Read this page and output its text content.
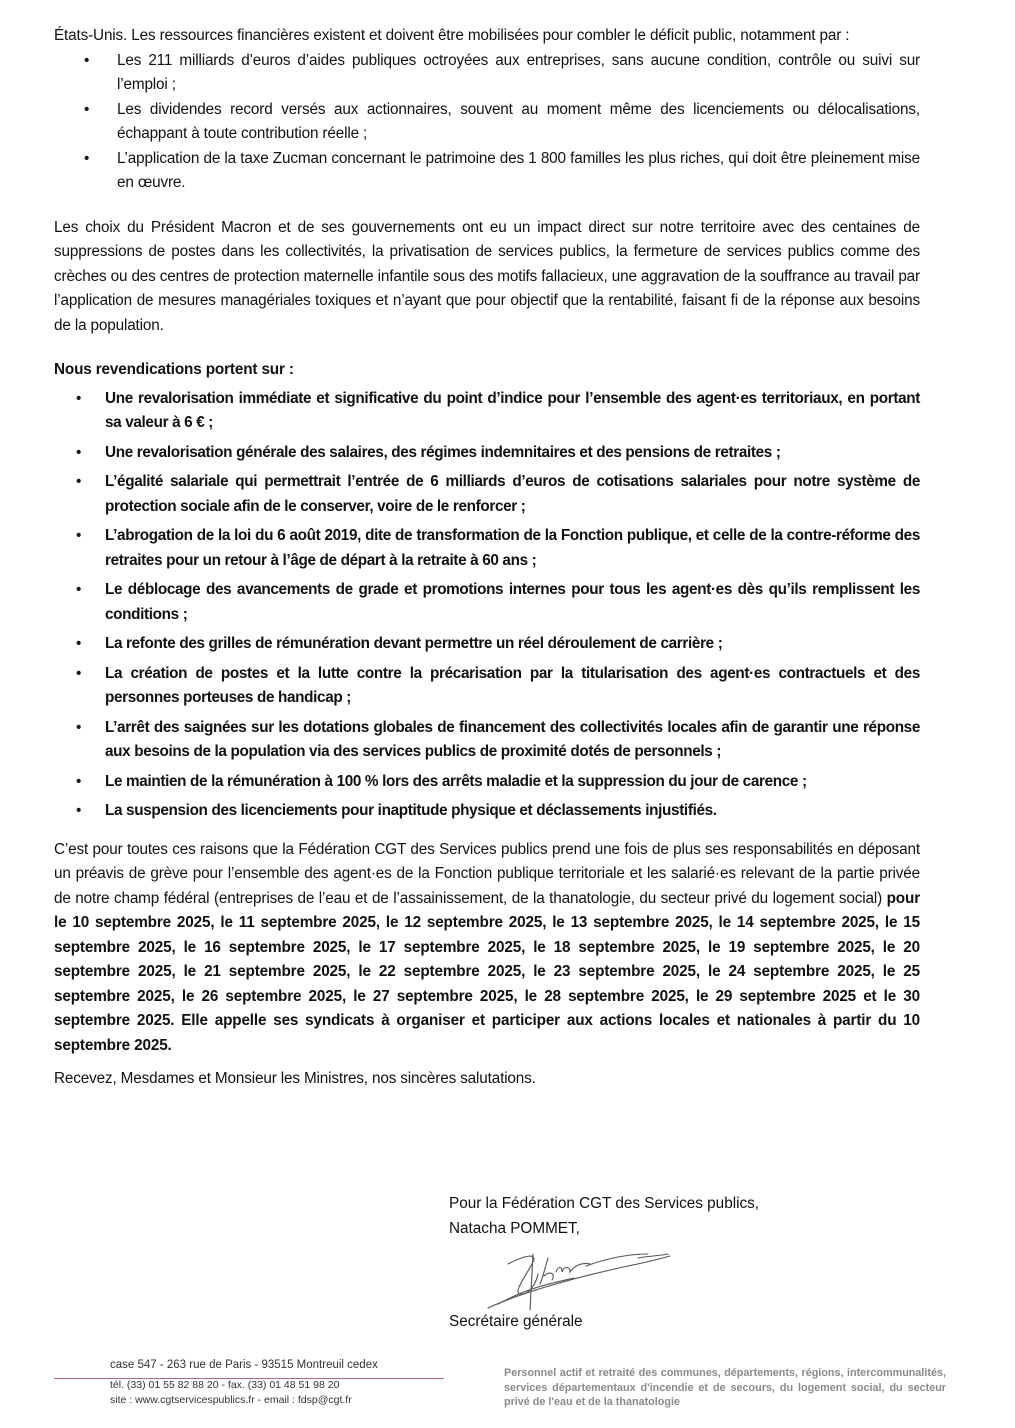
États-Unis. Les ressources financières existent et doivent être mobilisées pour combler le déficit public, notamment par :

• Les 211 milliards d’euros d’aides publiques octroyées aux entreprises, sans aucune condition, contrôle ou suivi sur l’emploi ;
• Les dividendes record versés aux actionnaires, souvent au moment même des licenciements ou délocalisations, échappant à toute contribution réelle ;
• L’application de la taxe Zucman concernant le patrimoine des 1 800 familles les plus riches, qui doit être pleinement mise en œuvre.

Les choix du Président Macron et de ses gouvernements ont eu un impact direct sur notre territoire avec des centaines de suppressions de postes dans les collectivités, la privatisation de services publics, la fermeture de services publics comme des crèches ou des centres de protection maternelle infantile sous des motifs fallacieux, une aggravation de la souffrance au travail par l’application de mesures managériales toxiques et n’ayant que pour objectif que la rentabilité, faisant fi de la réponse aux besoins de la population.

Nous revendications portent sur :

• Une revalorisation immédiate et significative du point d’indice pour l’ensemble des agent·es territoriaux, en portant sa valeur à 6 € ;
• Une revalorisation générale des salaires, des régimes indemnitaires et des pensions de retraites ;
• L’égalité salariale qui permettrait l’entrée de 6 milliards d’euros de cotisations salariales pour notre système de protection sociale afin de le conserver, voire de le renforcer ;
• L’abrogation de la loi du 6 août 2019, dite de transformation de la Fonction publique, et celle de la contre-réforme des retraites pour un retour à l’âge de départ à la retraite à 60 ans ;
• Le déblocage des avancements de grade et promotions internes pour tous les agent·es dès qu’ils remplissent les conditions ;
• La refonte des grilles de rémunération devant permettre un réel déroulement de carrière ;
• La création de postes et la lutte contre la précarisation par la titularisation des agent·es contractuels et des personnes porteuses de handicap ;
• L’arrêt des saignées sur les dotations globales de financement des collectivités locales afin de garantir une réponse aux besoins de la population via des services publics de proximité dotés de personnels ;
• Le maintien de la rémunération à 100 % lors des arrêts maladie et la suppression du jour de carence ;
• La suspension des licenciements pour inaptitude physique et déclassements injustifiés.

C’est pour toutes ces raisons que la Fédération CGT des Services publics prend une fois de plus ses responsabilités en déposant un préavis de grève pour l’ensemble des agent·es de la Fonction publique territoriale et les salarié·es relevant de la partie privée de notre champ fédéral (entreprises de l’eau et de l’assainissement, de la thanatologie, du secteur privé du logement social) pour le 10 septembre 2025, le 11 septembre 2025, le 12 septembre 2025, le 13 septembre 2025, le 14 septembre 2025, le 15 septembre 2025, le 16 septembre 2025, le 17 septembre 2025, le 18 septembre 2025, le 19 septembre 2025, le 20 septembre 2025, le 21 septembre 2025, le 22 septembre 2025, le 23 septembre 2025, le 24 septembre 2025, le 25 septembre 2025, le 26 septembre 2025, le 27 septembre 2025, le 28 septembre 2025, le 29 septembre 2025 et le 30 septembre 2025. Elle appelle ses syndicats à organiser et participer aux actions locales et nationales à partir du 10 septembre 2025.

Recevez, Mesdames et Monsieur les Ministres, nos sincères salutations.

Pour la Fédération CGT des Services publics,
Natacha POMMET,
Secrétaire générale
case 547 - 263 rue de Paris - 93515 Montreuil cedex
tél. (33) 01 55 82 88 20 - fax. (33) 01 48 51 98 20
site : www.cgtservicespublics.fr - email : fdsp@cgt.fr
Personnel actif et retraité des communes, départements, régions, intercommunalités, services départementaux d'incendie et de secours, du logement social, du secteur privé de l'eau et de la thanatologie
